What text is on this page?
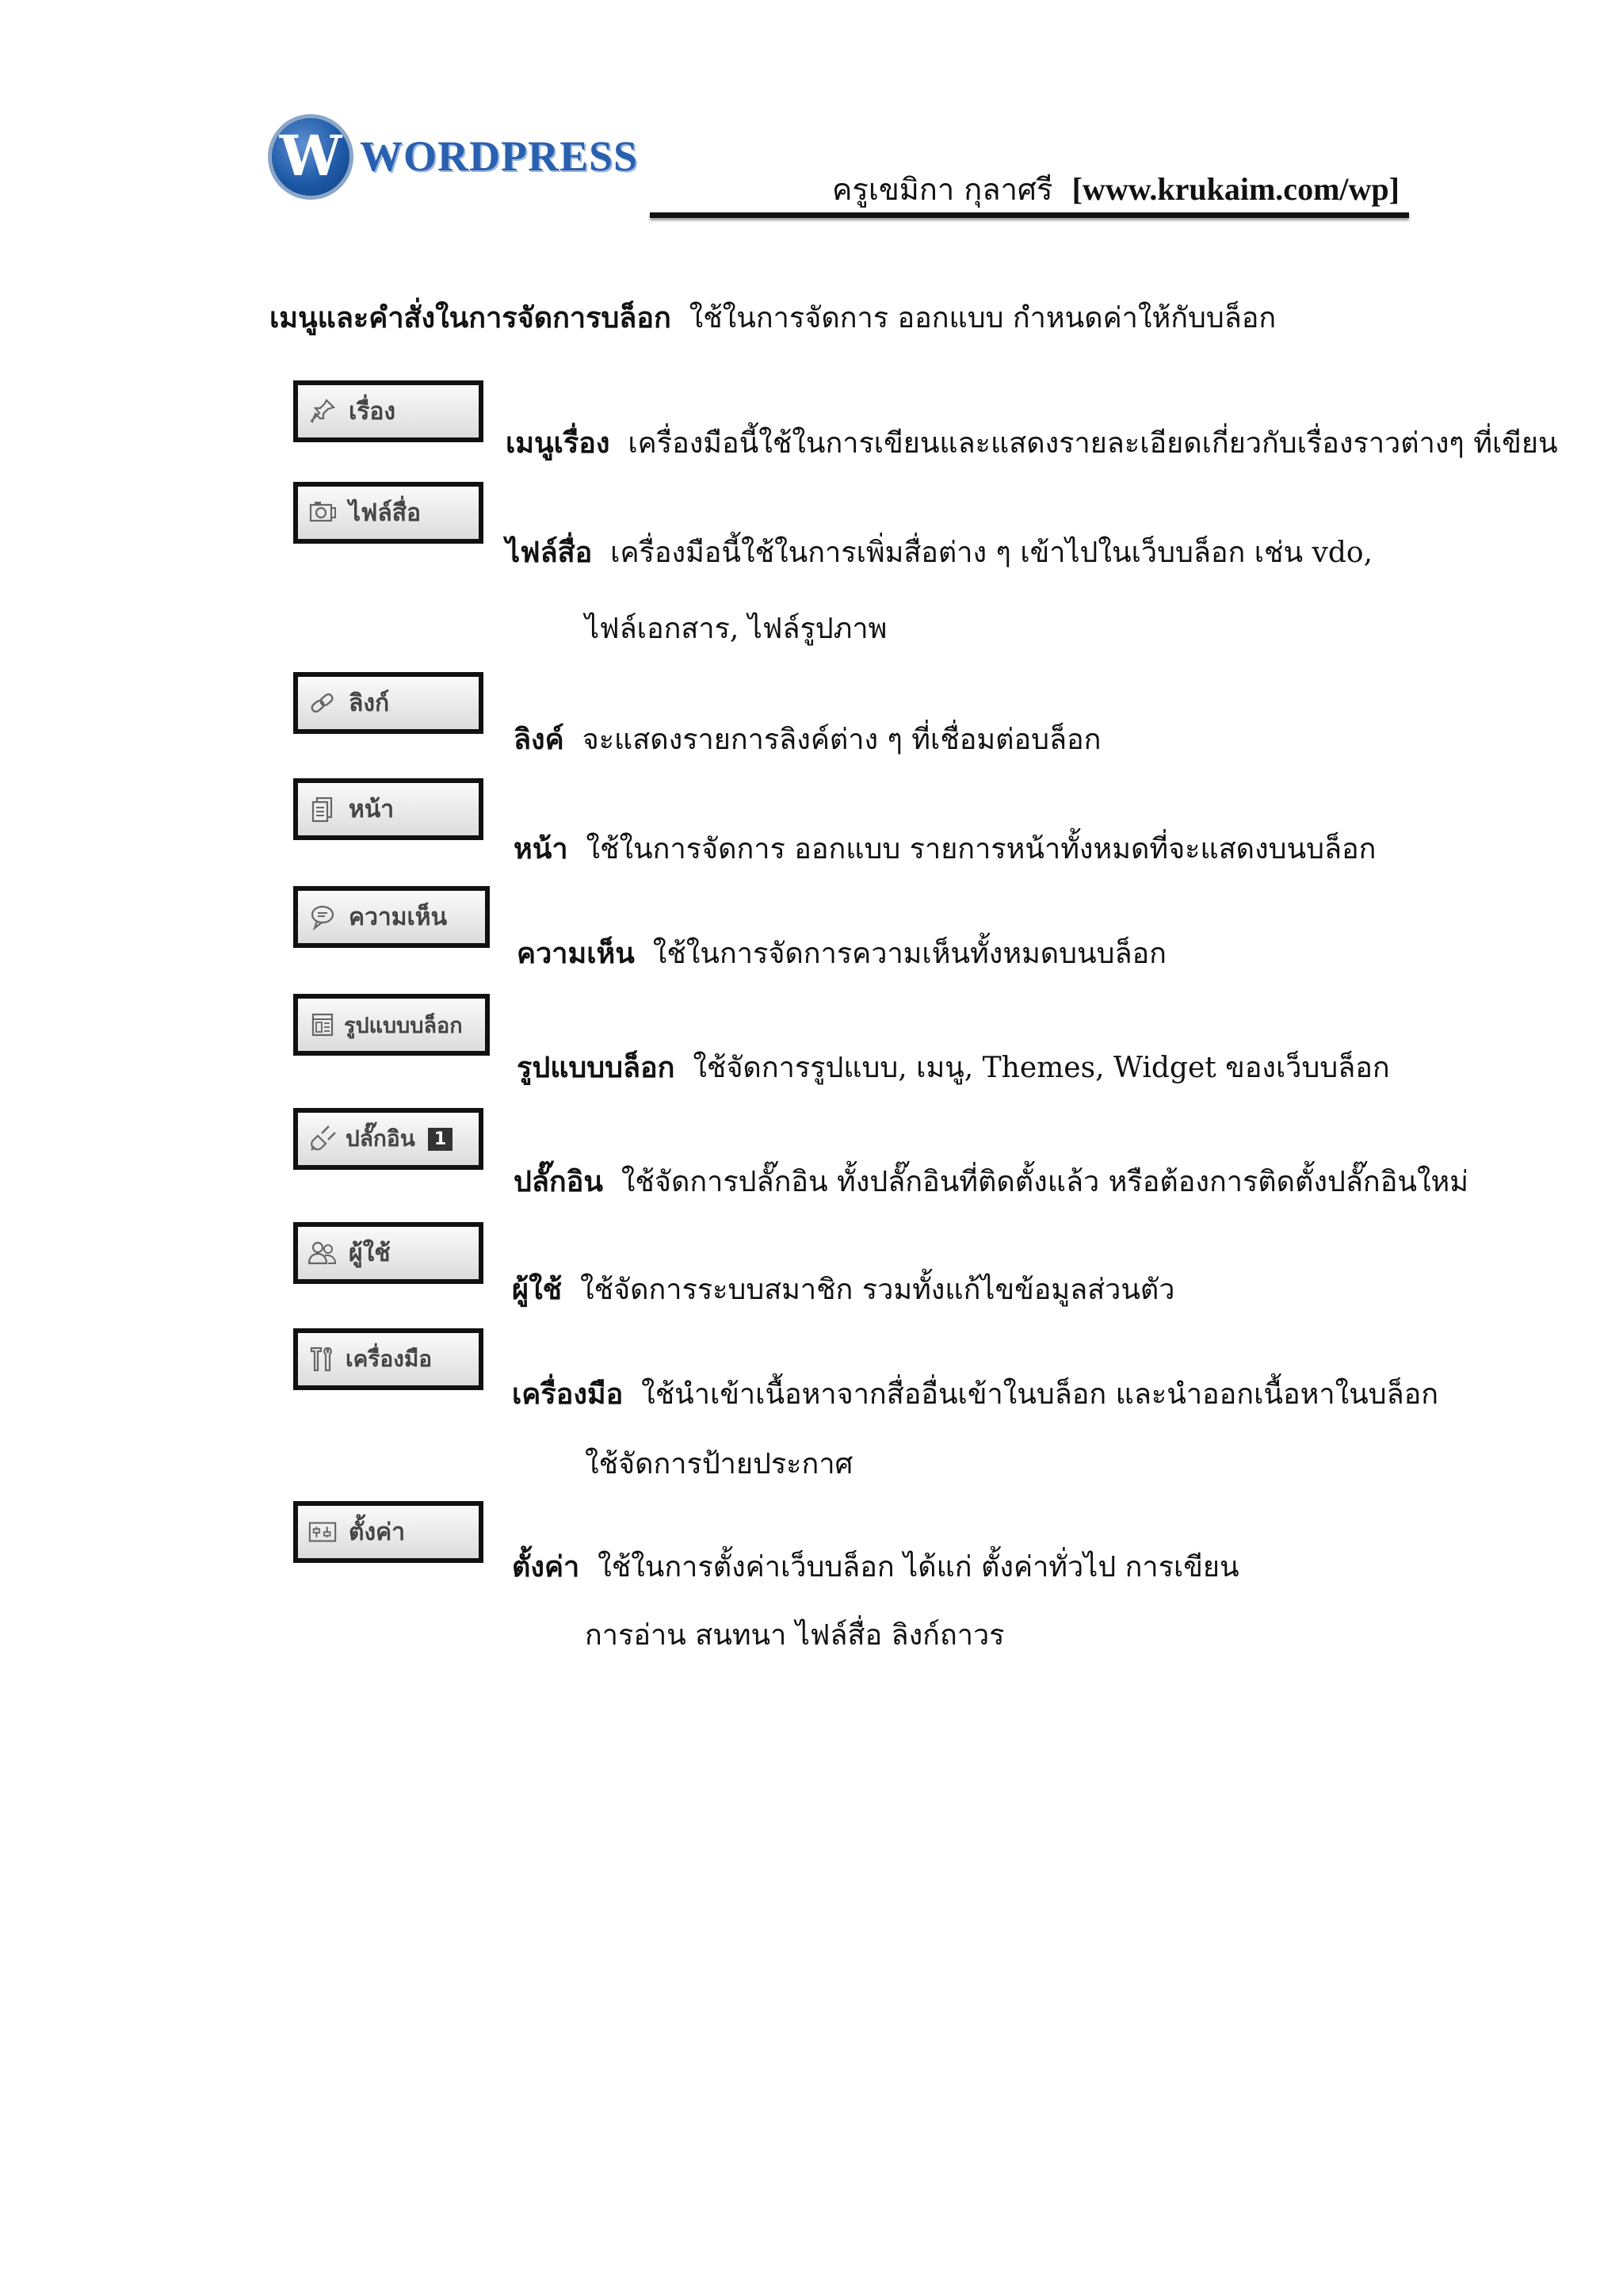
W WORDPRESS
ครูเขมิกา กุลาศรี [www.krukaim.com/wp]
เมนูและคำสั่งในการจัดการบล็อก ใช้ในการจัดการ ออกแบบ กำหนดค่าให้กับบล็อก
เรื่อง
เมนูเรื่อง เครื่องมือนี้ใช้ในการเขียนและแสดงรายละเอียดเกี่ยวกับเรื่องราวต่างๆ ที่เขียน
ไฟล์สื่อ
ไฟล์สื่อ เครื่องมือนี้ใช้ในการเพิ่มสื่อต่าง ๆ เข้าไปในเว็บบล็อก เช่น vdo,
ไฟล์เอกสาร, ไฟล์รูปภาพ
ลิงก์
ลิงค์ จะแสดงรายการลิงค์ต่าง ๆ ที่เชื่อมต่อบล็อก
หน้า
หน้า ใช้ในการจัดการ ออกแบบ รายการหน้าทั้งหมดที่จะแสดงบนบล็อก
ความเห็น
ความเห็น ใช้ในการจัดการความเห็นทั้งหมดบนบล็อก
รูปแบบบล็อก
รูปแบบบล็อก ใช้จัดการรูปแบบ, เมนู, Themes, Widget ของเว็บบล็อก
ปลั๊กอิน	1
ปลั๊กอิน ใช้จัดการปลั๊กอิน ทั้งปลั๊กอินที่ติดตั้งแล้ว หรือต้องการติดตั้งปลั๊กอินใหม่
ผู้ใช้
ผู้ใช้ ใช้จัดการระบบสมาชิก รวมทั้งแก้ไขข้อมูลส่วนตัว
เครื่องมือ
เครื่องมือ ใช้นำเข้าเนื้อหาจากสื่ออื่นเข้าในบล็อก และนำออกเนื้อหาในบล็อก
ใช้จัดการป้ายประกาศ
ตั้งค่า
ตั้งค่า ใช้ในการตั้งค่าเว็บบล็อก ได้แก่ ตั้งค่าทั่วไป การเขียน
การอ่าน สนทนา ไฟล์สื่อ ลิงก์ถาวร
